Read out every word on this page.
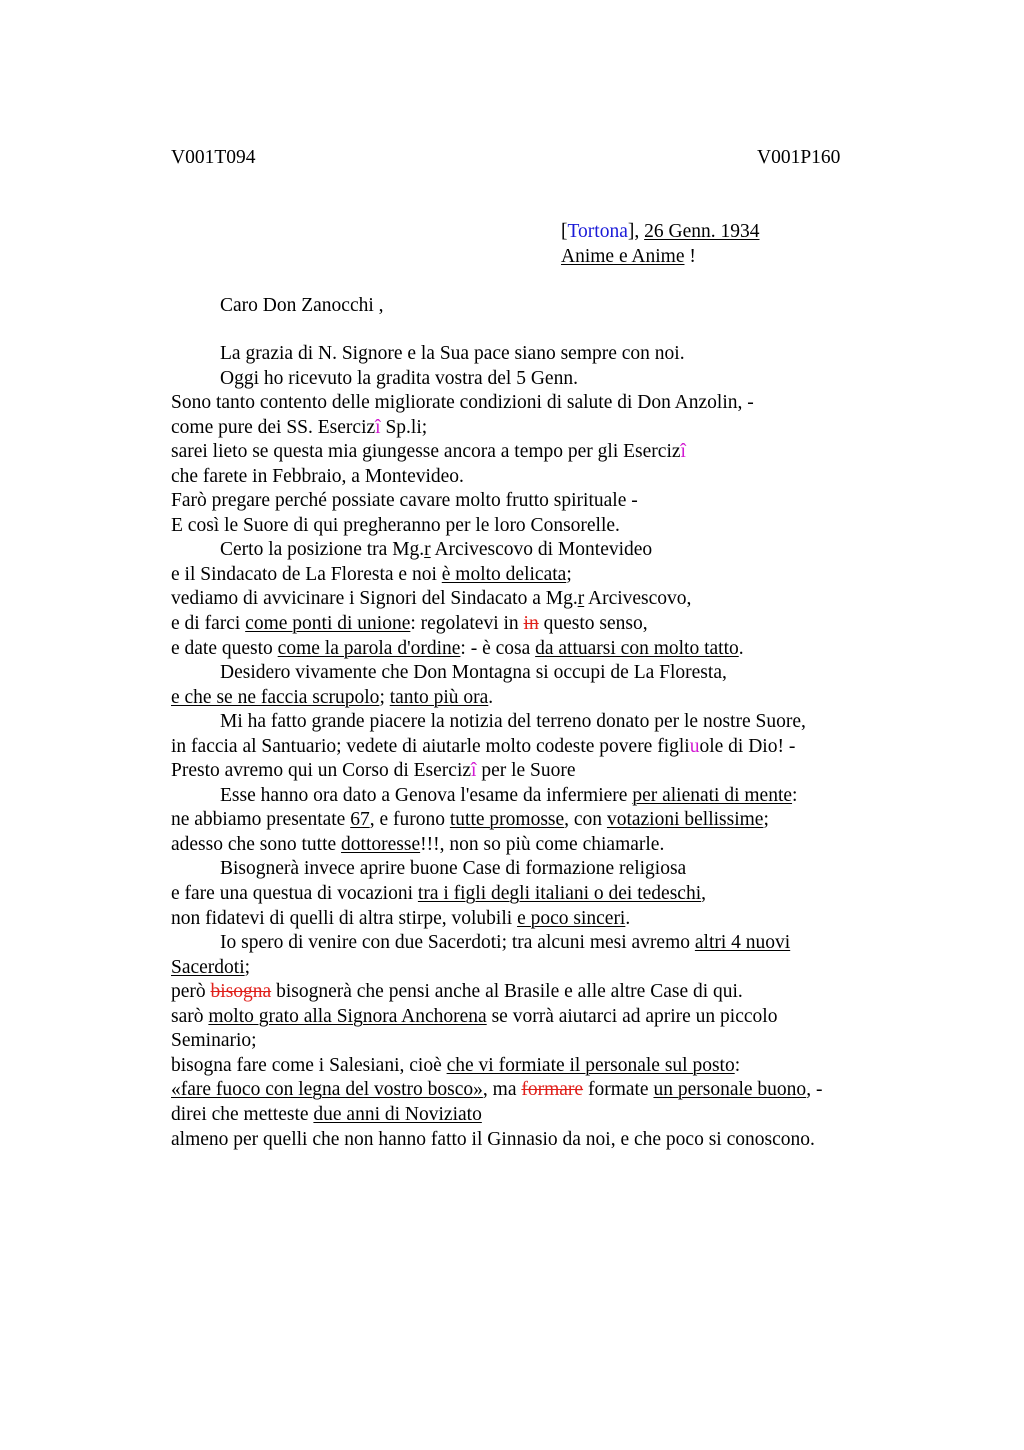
V001T094	V001P160
[Tortona], 26 Genn. 1934
Anime e Anime !
Caro Don Zanocchi ,
La grazia di N. Signore e la Sua pace siano sempre con noi.
Oggi ho ricevuto la gradita vostra del 5 Genn.
Sono tanto contento delle migliorate condizioni di salute di Don Anzolin, -
come pure dei SS. Esercizî Sp.li;
sarei lieto se questa mia giungesse ancora a tempo per gli Esercizî
che farete in Febbraio, a Montevideo.
Farò pregare perché possiate cavare molto frutto spirituale -
E così le Suore di qui pregheranno per le loro Consorelle.
Certo la posizione tra Mg.r Arcivescovo di Montevideo
e il Sindacato de La Floresta e noi è molto delicata;
vediamo di avvicinare i Signori del Sindacato a Mg.r Arcivescovo,
e di farci come ponti di unione: regolatevi in in questo senso,
e date questo come la parola d'ordine: - è cosa da attuarsi con molto tatto.
Desidero vivamente che Don Montagna si occupi de La Floresta,
e che se ne faccia scrupolo; tanto più ora.
Mi ha fatto grande piacere la notizia del terreno donato per le nostre Suore,
in faccia al Santuario; vedete di aiutarle molto codeste povere figliuole di Dio! -
Presto avremo qui un Corso di Esercizî per le Suore
Esse hanno ora dato a Genova l'esame da infermiere per alienati di mente:
ne abbiamo presentate 67, e furono tutte promosse, con votazioni bellissime;
adesso che sono tutte dottoresse!!!, non so più come chiamarle.
Bisognerà invece aprire buone Case di formazione religiosa
e fare una questua di vocazioni tra i figli degli italiani o dei tedeschi,
non fidatevi di quelli di altra stirpe, volubili e poco sinceri.
Io spero di venire con due Sacerdoti; tra alcuni mesi avremo altri 4 nuovi
Sacerdoti;
però bisogna bisognerà che pensi anche al Brasile e alle altre Case di qui.
sarò molto grato alla Signora Anchorena se vorrà aiutarci ad aprire un piccolo
Seminario;
bisogna fare come i Salesiani, cioè che vi formiate il personale sul posto:
«fare fuoco con legna del vostro bosco», ma formare formate un personale buono, -
direi che metteste due anni di Noviziato
almeno per quelli che non hanno fatto il Ginnasio da noi, e che poco si conoscono.
